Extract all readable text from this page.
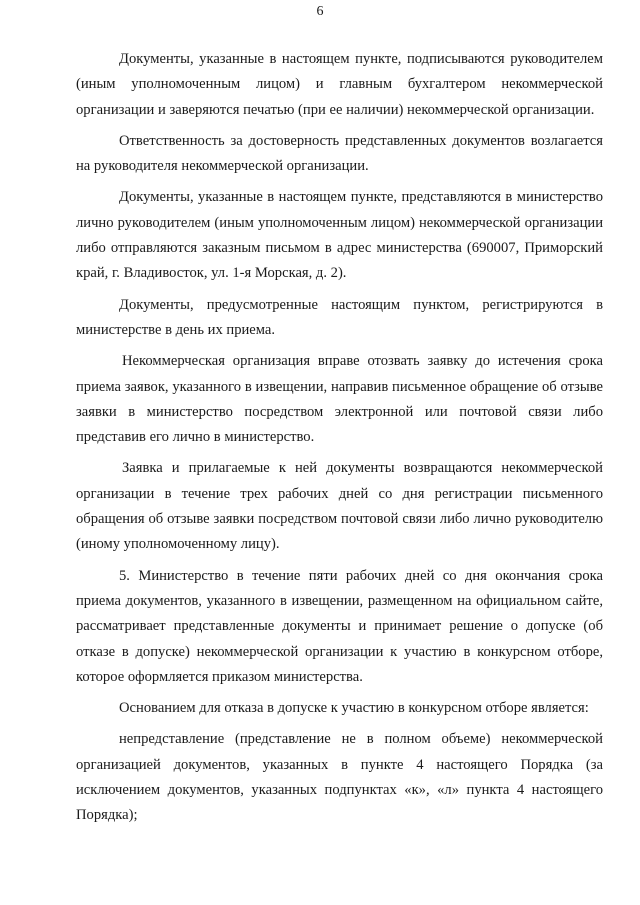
6

Документы, указанные в настоящем пункте, подписываются руководителем (иным уполномоченным лицом) и главным бухгалтером некоммерческой организации и заверяются печатью (при ее наличии) некоммерческой организации.

Ответственность за достоверность представленных документов возлагается на руководителя некоммерческой организации.

Документы, указанные в настоящем пункте, представляются в министерство лично руководителем (иным уполномоченным лицом) некоммерческой организации либо отправляются заказным письмом в адрес министерства (690007, Приморский край, г. Владивосток, ул. 1-я Морская, д. 2).

Документы, предусмотренные настоящим пунктом, регистрируются в министерстве в день их приема.

Некоммерческая организация вправе отозвать заявку до истечения срока приема заявок, указанного в извещении, направив письменное обращение об отзыве заявки в министерство посредством электронной или почтовой связи либо представив его лично в министерство.

Заявка и прилагаемые к ней документы возвращаются некоммерческой организации в течение трех рабочих дней со дня регистрации письменного обращения об отзыве заявки посредством почтовой связи либо лично руководителю (иному уполномоченному лицу).

5. Министерство в течение пяти рабочих дней со дня окончания срока приема документов, указанного в извещении, размещенном на официальном сайте, рассматривает представленные документы и принимает решение о допуске (об отказе в допуске) некоммерческой организации к участию в конкурсном отборе, которое оформляется приказом министерства.

Основанием для отказа в допуске к участию в конкурсном отборе является:

непредставление (представление не в полном объеме) некоммерческой организацией документов, указанных в пункте 4 настоящего Порядка (за исключением документов, указанных подпунктах «к», «л» пункта 4 настоящего Порядка);
